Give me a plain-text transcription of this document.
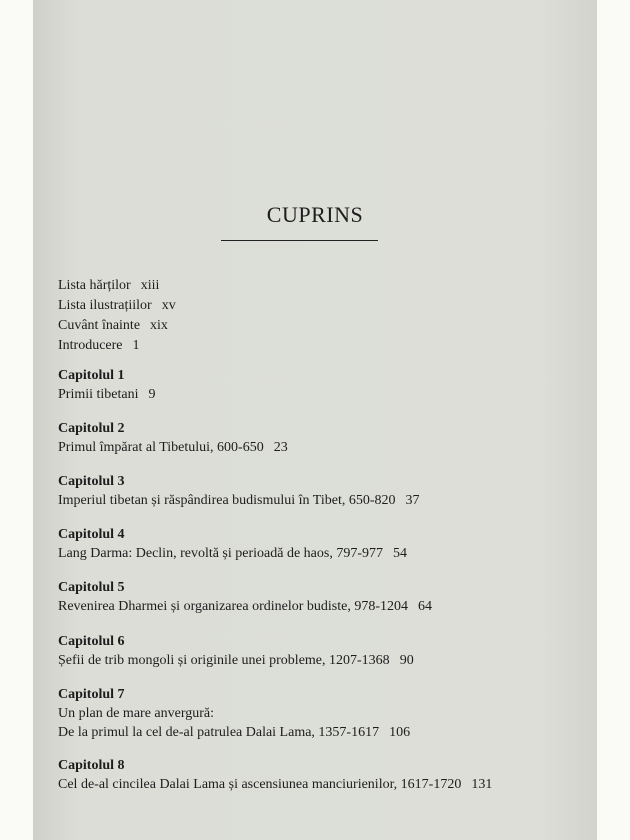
CUPRINS
Lista hărților xiii
Lista ilustrațiilor xv
Cuvânt înainte xix
Introducere 1
Capitolul 1
Primii tibetani 9
Capitolul 2
Primul împărat al Tibetului, 600-650 23
Capitolul 3
Imperiul tibetan și răspândirea budismului în Tibet, 650-820 37
Capitolul 4
Lang Darma: Declin, revoltă și perioadă de haos, 797-977 54
Capitolul 5
Revenirea Dharmei și organizarea ordinelor budiste, 978-1204 64
Capitolul 6
Șefii de trib mongoli și originile unei probleme, 1207-1368 90
Capitolul 7
Un plan de mare anvergură:
De la primul la cel de-al patrulea Dalai Lama, 1357-1617 106
Capitolul 8
Cel de-al cincilea Dalai Lama și ascensiunea manciurienilor, 1617-1720 131
